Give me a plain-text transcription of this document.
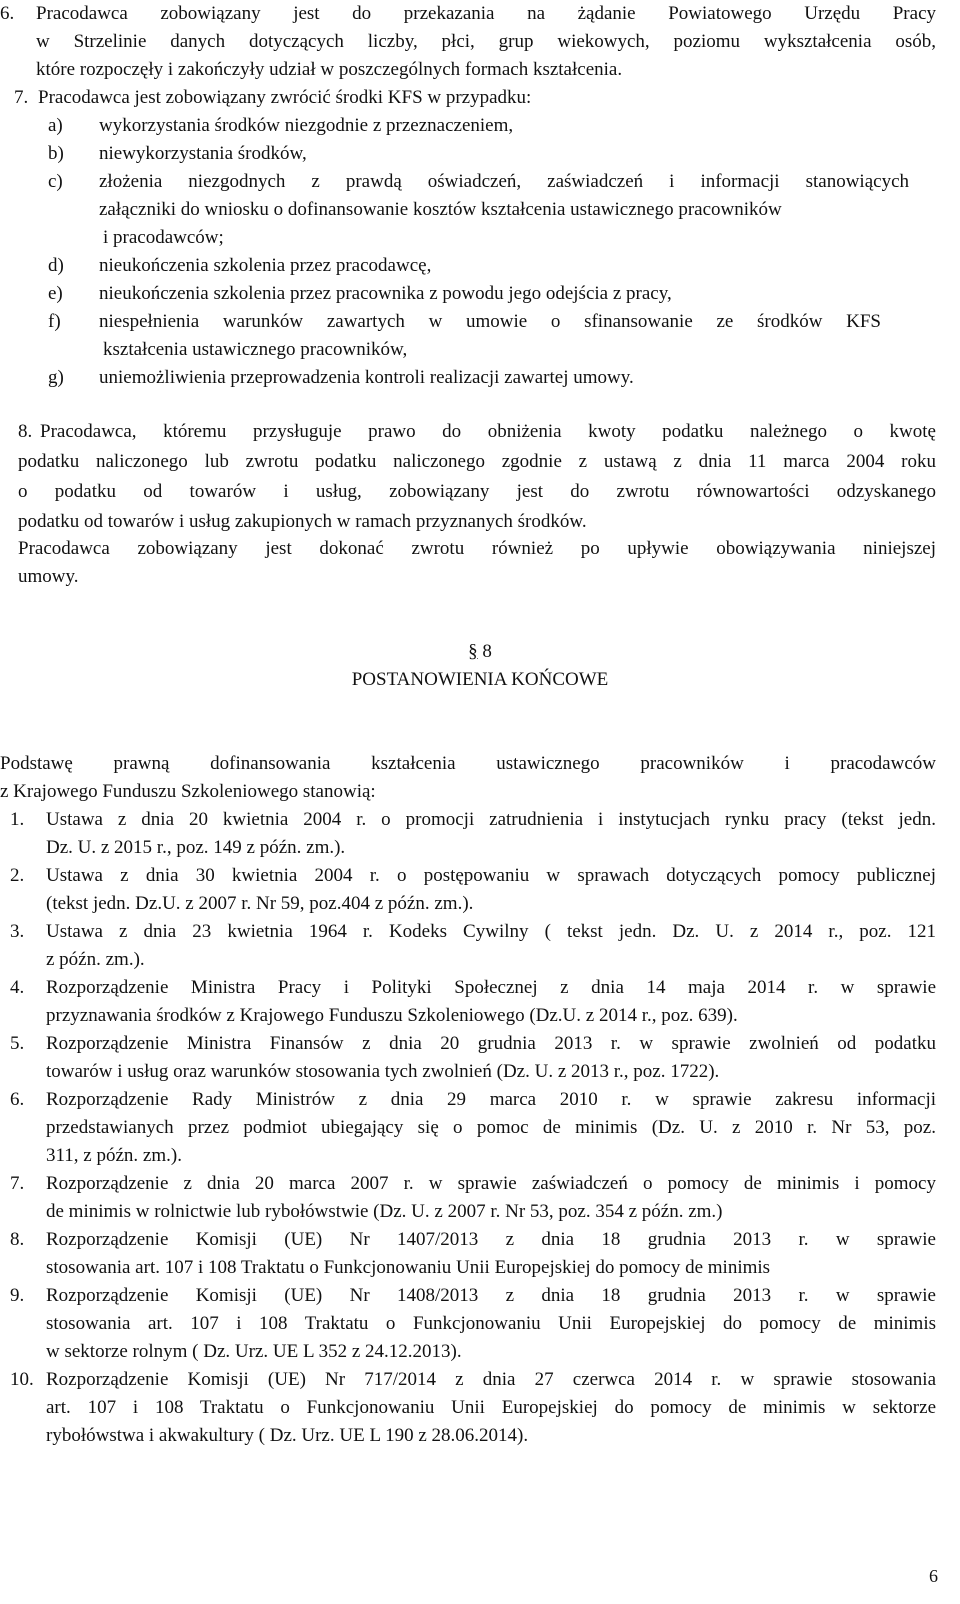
6. Pracodawca zobowiązany jest do przekazania na żądanie Powiatowego Urzędu Pracy
w Strzelinie danych dotyczących liczby, płci, grup wiekowych, poziomu wykształcenia osób,
które rozpoczęły i zakończyły udział w poszczególnych formach kształcenia.
7. Pracodawca jest zobowiązany zwrócić środki KFS w przypadku:
a) wykorzystania środków niezgodnie z przeznaczeniem,
b) niewykorzystania środków,
c) złożenia niezgodnych z prawdą oświadczeń, zaświadczeń i informacji stanowiących
załączniki do wniosku o dofinansowanie kosztów kształcenia ustawicznego pracowników
i pracodawców;
d) nieukończenia szkolenia przez pracodawcę,
e) nieukończenia szkolenia przez pracownika z powodu jego odejścia z pracy,
f) niespełnienia warunków zawartych w umowie o sfinansowanie ze środków KFS
kształcenia ustawicznego pracowników,
g) uniemożliwienia przeprowadzenia kontroli realizacji zawartej umowy.
8. Pracodawca, któremu przysługuje prawo do obniżenia kwoty podatku należnego o kwotę
podatku naliczonego lub zwrotu podatku naliczonego zgodnie z ustawą z dnia 11 marca 2004 roku
o podatku od towarów i usług, zobowiązany jest do zwrotu równowartości odzyskanego
podatku od towarów i usług zakupionych w ramach przyznanych środków.
Pracodawca zobowiązany jest dokonać zwrotu również po upływie obowiązywania niniejszej
umowy.
§ 8
POSTANOWIENIA KOŃCOWE
Podstawę prawną dofinansowania kształcenia ustawicznego pracowników i pracodawców
z Krajowego Funduszu Szkoleniowego stanowią:
1. Ustawa z dnia 20 kwietnia 2004 r. o promocji zatrudnienia i instytucjach rynku pracy (tekst jedn.
Dz. U. z 2015 r., poz. 149 z późn. zm.).
2. Ustawa z dnia 30 kwietnia 2004 r. o postępowaniu w sprawach dotyczących pomocy publicznej
(tekst jedn. Dz.U. z 2007 r. Nr 59, poz.404 z późn. zm.).
3. Ustawa z dnia 23 kwietnia 1964 r. Kodeks Cywilny ( tekst jedn. Dz. U. z 2014 r., poz. 121
z późn. zm.).
4. Rozporządzenie Ministra Pracy i Polityki Społecznej z dnia 14 maja 2014 r. w sprawie
przyznawania środków z Krajowego Funduszu Szkoleniowego (Dz.U. z 2014 r., poz. 639).
5. Rozporządzenie Ministra Finansów z dnia 20 grudnia 2013 r. w sprawie zwolnień od podatku
towarów i usług oraz warunków stosowania tych zwolnień (Dz. U. z 2013 r., poz. 1722).
6. Rozporządzenie Rady Ministrów z dnia 29 marca 2010 r. w sprawie zakresu informacji
przedstawianych przez podmiot ubiegający się o pomoc de minimis (Dz. U. z 2010 r. Nr 53, poz.
311, z późn. zm.).
7. Rozporządzenie z dnia 20 marca 2007 r. w sprawie zaświadczeń o pomocy de minimis i pomocy
de minimis w rolnictwie lub rybołówstwie (Dz. U. z 2007 r. Nr 53, poz. 354 z późn. zm.)
8. Rozporządzenie Komisji (UE) Nr 1407/2013 z dnia 18 grudnia 2013 r. w sprawie
stosowania art. 107 i 108 Traktatu o Funkcjonowaniu Unii Europejskiej do pomocy de minimis
9. Rozporządzenie Komisji (UE) Nr 1408/2013 z dnia 18 grudnia 2013 r. w sprawie
stosowania art. 107 i 108 Traktatu o Funkcjonowaniu Unii Europejskiej do pomocy de minimis
w sektorze rolnym ( Dz. Urz. UE L 352 z 24.12.2013).
10. Rozporządzenie Komisji (UE) Nr 717/2014 z dnia 27 czerwca 2014 r. w sprawie stosowania
art. 107 i 108 Traktatu o Funkcjonowaniu Unii Europejskiej do pomocy de minimis w sektorze
rybołówstwa i akwakultury ( Dz. Urz. UE L 190 z 28.06.2014).
6
